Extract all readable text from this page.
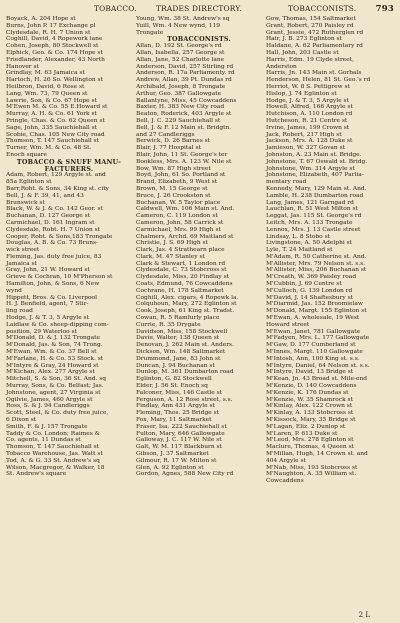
TOBACCO.	TRADES DIRECTORY.	TOBACCONISTS. 793
Boyack, A. 204 Hope st
Burns, John P. 17 Exchange pl
Clydesdale, R. H. 7 Union st
Coghill, David, 4 Ropework lane
Cohen, Joseph, 80 Stockwell st
Elphick, Geo. & Co. 174 Hope st
Friedlander, Alexander, 43 North
Hanover st
Grindlay, M. 63 Jamaica st
Hartoch, H. 26 So. Wellington st
Heilbron, David, 6 Rose st
Lang, Wm. 73, 79 Queen st
Lawrie, Son, & Co. 67 Hope st
M'Ewen M. & Co. 55 E.Howard st
Murray, A. H. & Co. 61 York st
Pringle, Chas. & Co. 62 Queen st
Sage, John, 335 Sauchiehall st
Scobie, Chas. 105 New City road
Thomson, T. 147 Sauchiehall st
Turner, Wm. M. & Co. 48 St.
Enoch square
TOBACCO & SNUFF MANU-
FACTURERS.
Adam, Robert, 129 Argyle st. and
85a Eglinton st
Barr,Robt. & Sons, 34 King st. city
Bell, J. & F. 39, 41, and 43
Brunswick st
Black, W. & J. & Co. 142 Geor. st
Buchanan, D. 127 George st
Carmichael, D. 161 Ingram st
Clydesdale, Robt. H. 7 Union st
Cooper, Robt. & Sons,183 Trongate
Douglas, A. B. & Co. 73 Bruns-
wick street
Fleming, Jas. duty free juice, 83
Jamaica st
Gray, John, 21 W. Howard st
Grieve & Cochran, 10 M'Pherson st
Hamilton, John, & Sons, 6 New
wynd
Hippett, Bros. & Co. Liverpool
H. J. Benfield, agent, 7 Stir-
ling road
Hodge, J. & T. 3, 5 Argyle st
Laidlaw & Co. sheep-dipping com-
position, 29 Waterloo st
M'Donald, D. & J. 132 Trongate
M'Donald, Jas. & Son, 74 Trong.
M'Ewan, Wm. & Co. 37 Bell st
M'Farlane, H. & Co. 53 Stock. st
M'Intyre & Gray, 24 Howard st
M'Kichan, Alex. 277 Argyle st
Mitchell, S. & Son, 36 St. And. sq
Murray, Sons, & Co. Belfast; Jas.
Johnstone, agent, 27 Virginia st
Ogilvie, James, 460 Argyle st
Ross, S. & J. 94 Candleriggs
Scott, Steel, & Co. duty free juice,
6 Dixon st
Smith, F. & J. 157 Trongate
Taddy & Co. London; Raimes &
Co. agents, 11 Dundas st
Thomson, T. 147 Sauchiehall st
Tobacco Warehouse, Jas. Watt st
Tod, A. & G. 33 St. Andrew's sq
Wilson, Macgregor, & Walker, 18
St. Andrew's square
Young, Wm. 38 St. Andrew's sq
Yuill, Wm. 4 New wynd, 119
Trongate
TOBACCONISTS.
Allan, D. 192 St. George's rd
Allan, Isabella, 257 George st
Allan, Jane, 52 Charlotte lane
Anderson, David, 257 Stirling rd
Anderson, R. 17a Parliamenty. rd
Andrew, Allan, 39 Pt. Dundas rd
Archibald, Joseph, 8 Trongate
Arthur, Geo. 387 Gallowgate
Ballantyne, Miss, 45 Cowcaddens
Baxter, H. 383 New City road
Beaton, Roderick, 403 Argyle st
Bell, J. C. 229 Sauchiehall st
Bell, J. & F. 12 Main st. Bridgtn.
and 27 Candleriggs
Berwick, D. 26 Barnes st
Blair, J. 77 Hospital st
Blair, John, 11 St. George's ter
Bookless, Mrs. A. 123 W. Nile st
Bow, Wm. 87 High street
Boyd, John, 61 So. Portland st
Brand, Elizabeth, 9 West st
Brown, M. 15 George st
Bruce, J. 26 Crookston st
Buchanan, W. 5 Taylor place
Caldwell, Wm. 106 Main st. And.
Cameron, C. 119 London st
Cameron, John, 58 Carrick st
Carmichael, Mrs. 99 High st
Chalmers, Archd. 69 Maitland st
Christie, J. S. 69 High st
Clark, Jas. 4 Strathearn place
Clark, M. 47 Stanley st
Clark & Stewart, 1 London rd
Clydesdale, C. 73 Stobcross st
Clydesdale, Miss, 20 Findlay st
Coats, Edmund, 76 Cowcaddens
Cochrane, H. 178 Saltmarket
Coghill, Alex. cigars, 4 Ropewk la.
Colquhoun, Mary, 272 Eglinton st
Cook, Joseph, 61 King st. Tradst.
Cowan, R. 5 Ramfurly place
Currie, R. 35 Drygate
Davidson, Miss, 158 Stockwell
Davie, Walter, 138 Queen st
Denovan, J. 262 Main st. Anders.
Dickson, Wm. 148 Saltmarket
Drummond, Jane, 83 John st
Duncan, J. 94 Buchanan st
Dunlop, M. 361 Dumbarton road
Eglinton, G. 82 Stockwell
Elder, J. 56 St. Enoch sq
Falconer, Miss, 146 Castle st
Ferguson, A. 12 Rose street, s.s.
Findlay, Ann 431 Argyle st
Fleming, Thos. 25 Bridge st
Fox, Mary, 11 Saltmarket
Fraser, Isa. 222 Sauchiehall st
Fulton, Mary, 646 Gallowgate
Galloway, J. C. 117 W. Nile st
Galt, W. M. 117 Blackburn st
Gibson, J. 37 Saltmarket
Gilmour, R. 17 W. Milton st
Glen, A. 92 Eglinton st
Gordon, Agnes, 588 New City rd
Gow, Thomas, 154 Saltmarket
Grant, Robert, 270 Paisley rd
Grant, Jessie, 472 Rutherglen rd
Hair, J. B. 273 Eglinton st
Haldane, A. 62 Parliamentary rd
Hall, John, 203 Castle st
Harris, Edm. 19 Clyde street,
Anderston
Harris, Jn. 143 Main st. Gorbals
Henderson, Helen, 81 St. Geo.'s rd
Herriot, W. 8 S. Pettigrew st
Hislop, J. 74 Eglinton st
Hodge, J. & T. 3, 5 Argyle st
Howell, Alfred, 166 Argyle st
Hutchison, A. 110 London rd
Hutcheson, R. 21 Centre st
Irvine, James, 199 Crown st
Jack, Robert, 217 High st
Jackson, Mrs. A. 128 Duke st
Jamieson, W. 327 Govan st
Johnston, A. 23 Main st. Bridge.
Johnstone, T. 67 Oswald st. Bridg.
Johnstone, Wm. 314 Argyle st
Johnstone, Elizabeth, 407 Parlia-
mentary road
Kennedy, Mary, 129 Main st. And.
Lamble, H. 238 Dumbarton road
Lang, James, 121 Garngad rd
Lauchlan, R. 51 West Milton st
Leggat, Jas. 115 St. George's rd
Leitch, Mrs. A. 133 Trongate
Lennox, Mrs. J. 13 Castle street
Lindsay, L. 8 Stobo st
Livingstone, A. 50 Adelphi st
Lyle, T. 24 Maitland st
M'Adam, R. 50 Catherine st. And.
M'Allister, Mrs. 79 Nelson st. s.s.
M'Allister, Miss, 206 Buchanan st
M'Creath, W. 369 Paisley road
M'Cubbin, J. 69 Centre st
M'Culloch, G. 139 London rd
M'David, J. 14 Shaftesbury st
M'Diarmid, Jas. 152 Broomielaw
M'Donald, Margt. 155 Eglinton st
M'Ewan, A. wholesale, 19 West
Howard street
M'Ewan, Janet, 781 Gallowgate
M'Fadyen, Mrs. L. 177 Gallowgate
M'Gaw, D. 177 Cumberland st
M'Innes, Margt. 110 Gallowgate
M'Intosh, Ann, 100 King st. s.s.
M'Intyre, Daniel, 64 Nelson st. s.s.
M'Intyre, David, 13 Bridge st
M'Kean, Jn. 43 Broad st. Mile-end
M'Kenzie, D. 140 Cowcaddens
M'Kenzie, K. 176 Dundas st
M'Kenzie, W. 35 Shamrock st
M'Kinlay, Alex. 122 Crown st
M'Kinlay, A. 133 Stobcross st
M'Kissock, Mary, 35 Bridge st
M'Lagan, Eliz. 2 Dunlop st
M'Laren, P. 613 Duke st
M'Leod, Mrs. 278 Eglinton st
Maclure, Thomas, 4 Queen st
M'Millan, Hugh, 14 Crown st. and
404 Argyle st
M'Nab, Miss, 193 Stobcross st
M'Naughton, A. 35 William st.
Cowcaddens
2 L
